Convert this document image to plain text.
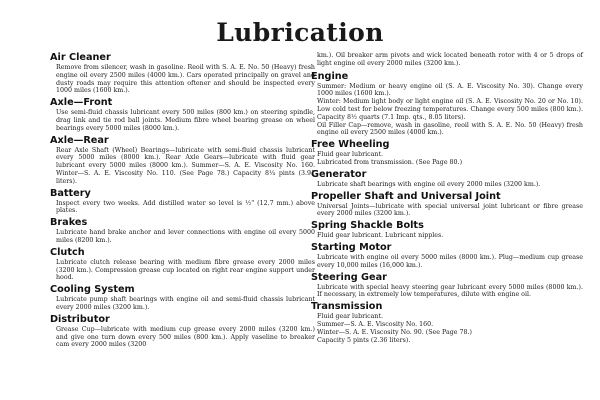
Lubrication

Air Cleaner

Remove from silencer, wash in gasoline. Reoil with S. A. E. No. 50 (Heavy) fresh engine oil every 2500 miles (4000 km.). Cars operated principally on gravel and dusty roads may require this attention oftener and should be inspected every 1000 miles (1600 km.).

Axle—Front

Use semi-fluid chassis lubricant every 500 miles (800 km.) on steering spindle, drag link and tie rod ball joints. Medium fibre wheel bearing grease on wheel bearings every 5000 miles (8000 km.).

Axle—Rear

Rear Axle Shaft (Wheel) Bearings—lubricate with semi-fluid chassis lubricant every 5000 miles (8000 km.). Rear Axle Gears—lubricate with fluid gear lubricant every 5000 miles (8000 km.). Summer—S. A. E. Viscosity No. 160. Winter—S. A. E. Viscosity No. 110. (See Page 78.) Capacity 8¼ pints (3.91 liters).

Battery

Inspect every two weeks. Add distilled water so level is ½" (12.7 mm.) above plates.

Brakes

Lubricate hand brake anchor and lever connections with engine oil every 5000 miles (8200 km.).

Clutch

Lubricate clutch release bearing with medium fibre grease every 2000 miles (3200 km.). Compression grease cup located on right rear engine support under hood.

Cooling System

Lubricate pump shaft bearings with engine oil and semi-fluid chassis lubricant every 2000 miles (3200 km.).

Distributor

Grease Cup—lubricate with medium cup grease every 2000 miles (3200 km.) and give one turn down every 500 miles (800 km.). Apply vaseline to breaker cam every 2000 miles (3200

km.). Oil breaker arm pivots and wick located beneath rotor with 4 or 5 drops of light engine oil every 2000 miles (3200 km.).

Engine

Summer: Medium or heavy engine oil (S. A. E. Viscosity No. 30). Change every 1000 miles (1600 km.).
Winter: Medium light body or light engine oil (S. A. E. Viscosity No. 20 or No. 10). Low cold test for below freezing temperatures. Change every 500 miles (800 km.). Capacity 8½ quarts (7.1 Imp. qts., 8.05 liters).
Oil Filler Cap—remove, wash in gasoline, reoil with S. A. E. No. 50 (Heavy) fresh engine oil every 2500 miles (4000 km.).

Free Wheeling

Fluid gear lubricant.
Lubricated from transmission. (See Page 80.)

Generator

Lubricate shaft bearings with engine oil every 2000 miles (3200 km.).

Propeller Shaft and Universal Joint

Universal Joints—lubricate with special universal joint lubricant or fibre grease every 2000 miles (3200 km.).

Spring Shackle Bolts

Fluid gear lubricant. Lubricant nipples.

Starting Motor

Lubricate with engine oil every 5000 miles (8000 km.). Plug—medium cup grease every 10,000 miles (16,000 km.).

Steering Gear

Lubricate with special heavy steering gear lubricant every 5000 miles (8000 km.). If necessary, in extremely low temperatures, dilute with engine oil.

Transmission

Fluid gear lubricant.
Summer—S. A. E. Viscosity No. 160.
Winter—S. A. E. Viscosity No. 90. (See Page 78.)
Capacity 5 pints (2.36 liters).
